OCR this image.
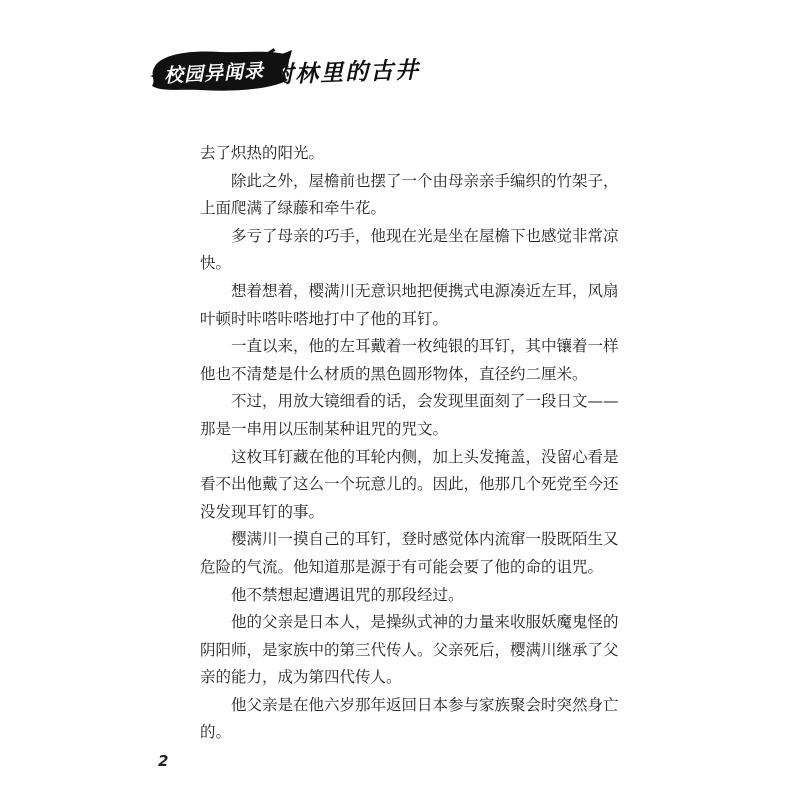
校园异闻录 树林里的古井

去了炽热的阳光。

除此之外，屋檐前也摆了一个由母亲亲手编织的竹架子，上面爬满了绿藤和牵牛花。

多亏了母亲的巧手，他现在光是坐在屋檐下也感觉非常凉快。

想着想着，樱满川无意识地把便携式电源凑近左耳，风扇叶顿时咔嗒咔嗒地打中了他的耳钉。

一直以来，他的左耳戴着一枚纯银的耳钉，其中镶着一样他也不清楚是什么材质的黑色圆形物体，直径约二厘米。

不过，用放大镜细看的话，会发现里面刻了一段日文——那是一串用以压制某种诅咒的咒文。

这枚耳钉藏在他的耳轮内侧，加上头发掩盖，没留心看是看不出他戴了这么一个玩意儿的。因此，他那几个死党至今还没发现耳钉的事。

樱满川一摸自己的耳钉，登时感觉体内流窜一股既陌生又危险的气流。他知道那是源于有可能会要了他的命的诅咒。

他不禁想起遭遇诅咒的那段经过。

他的父亲是日本人，是操纵式神的力量来收服妖魔鬼怪的阴阳师，是家族中的第三代传人。父亲死后，樱满川继承了父亲的能力，成为第四代传人。

他父亲是在他六岁那年返回日本参与家族聚会时突然身亡的。

2
